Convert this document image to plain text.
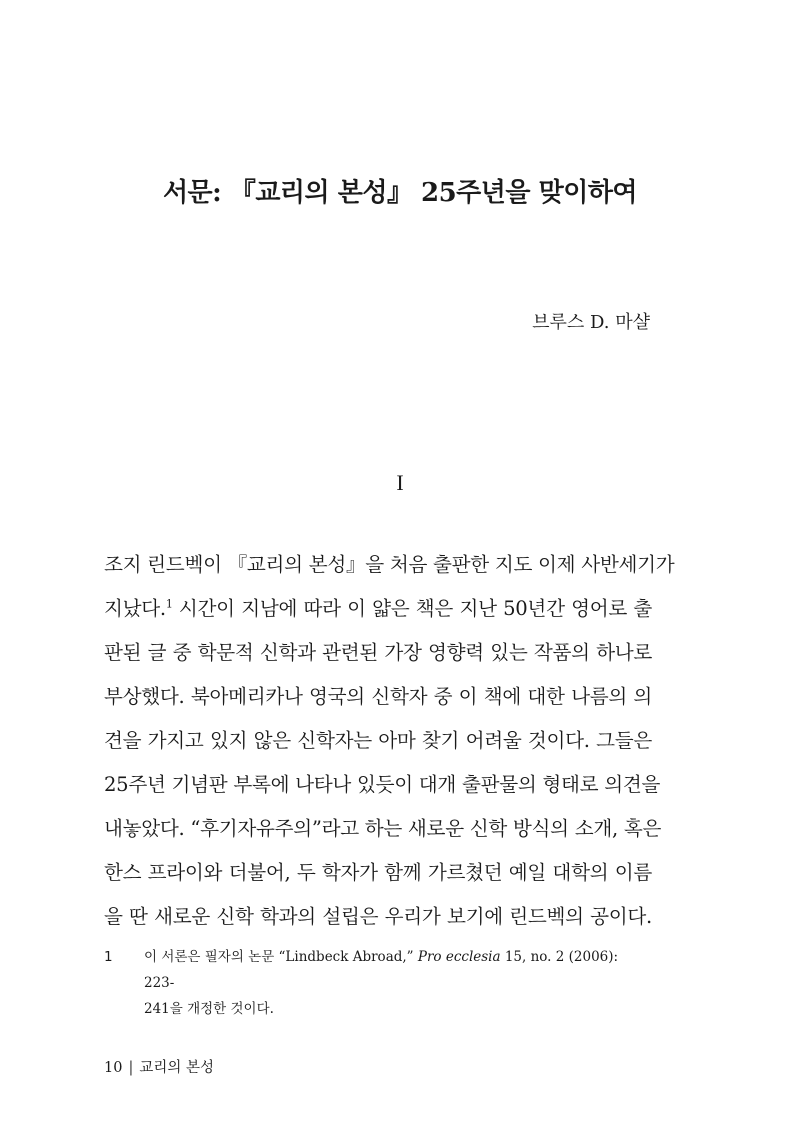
서문: 『교리의 본성』 25주년을 맞이하여
브루스 D. 마샬
I
조지 린드벡이 『교리의 본성』을 처음 출판한 지도 이제 사반세기가
지났다.$^1$ 시간이 지남에 따라 이 얇은 책은 지난 50년간 영어로 출
판된 글 중 학문적 신학과 관련된 가장 영향력 있는 작품의 하나로
부상했다. 북아메리카나 영국의 신학자 중 이 책에 대한 나름의 의
견을 가지고 있지 않은 신학자는 아마 찾기 어려울 것이다. 그들은
25주년 기념판 부록에 나타나 있듯이 대개 출판물의 형태로 의견을
내놓았다. “후기자유주의”라고 하는 새로운 신학 방식의 소개, 혹은
한스 프라이와 더불어, 두 학자가 함께 가르쳤던 예일 대학의 이름
을 딴 새로운 신학 학과의 설립은 우리가 보기에 린드벡의 공이다.
1 이 서론은 필자의 논문 “Lindbeck Abroad,” Pro ecclesia 15, no. 2 (2006): 223-
241을 개정한 것이다.
10 | 교리의 본성
